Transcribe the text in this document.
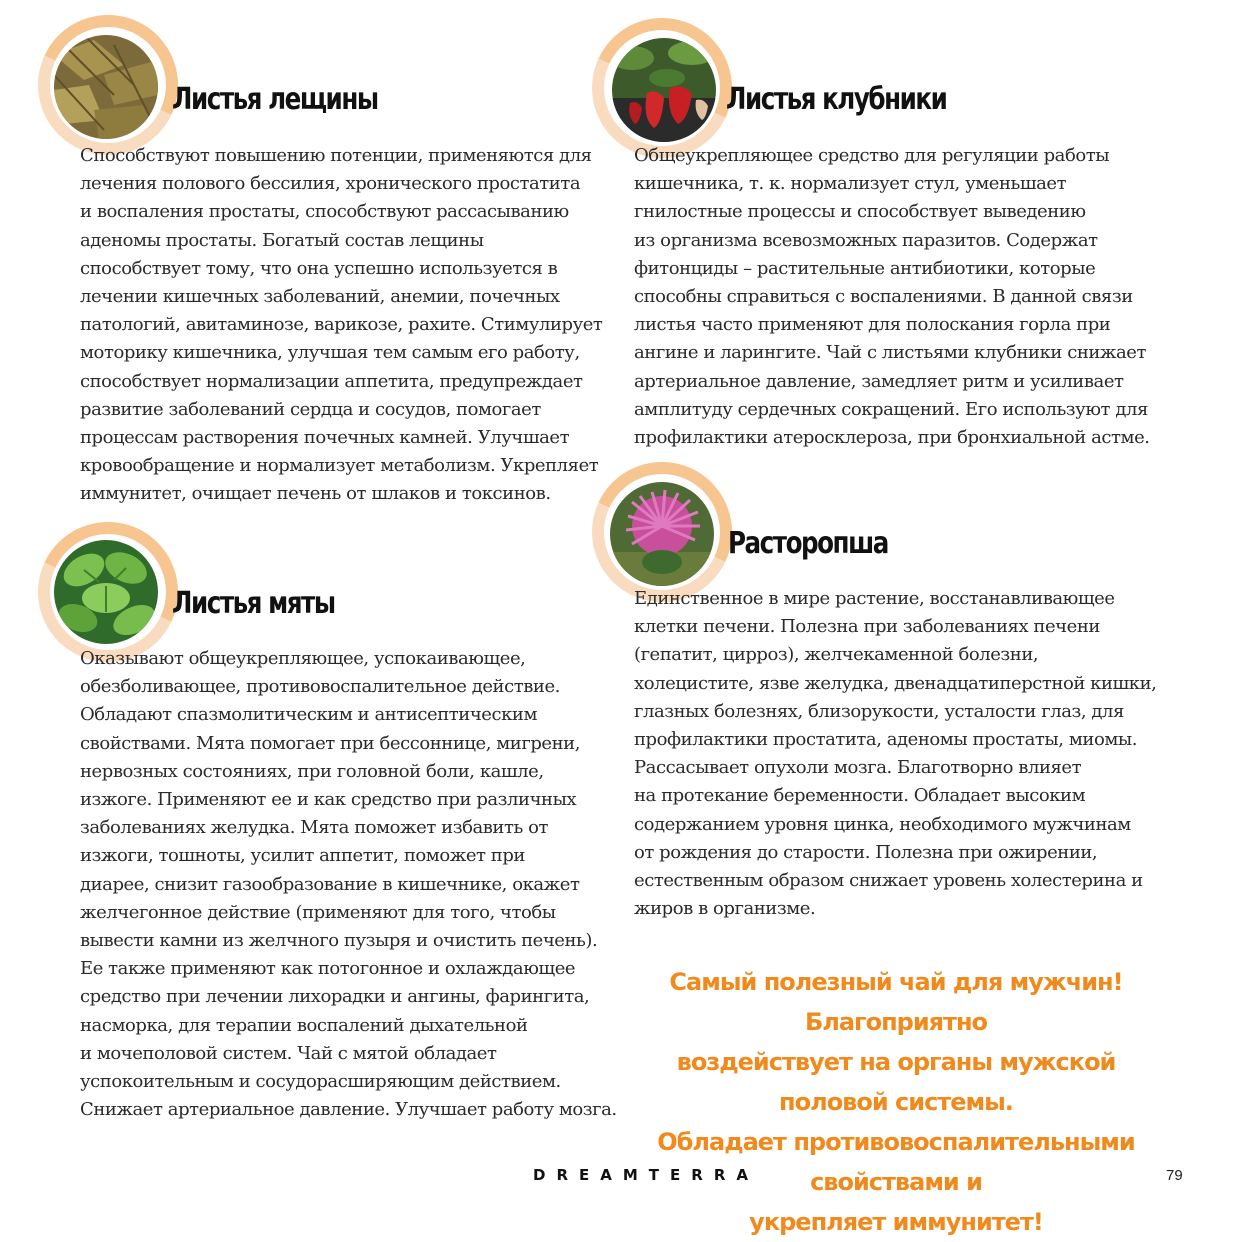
Листья лещины
Способствуют повышению потенции, применяются для
лечения полового бессилия, хронического простатита
и воспаления простаты, способствуют рассасыванию
аденомы простаты. Богатый состав лещины
способствует тому, что она успешно используется в
лечении кишечных заболеваний, анемии, почечных
патологий, авитаминозе, варикозе, рахите. Стимулирует
моторику кишечника, улучшая тем самым его работу,
способствует нормализации аппетита, предупреждает
развитие заболеваний сердца и сосудов, помогает
процессам растворения почечных камней. Улучшает
кровообращение и нормализует метаболизм. Укрепляет
иммунитет, очищает печень от шлаков и токсинов.
Листья клубники
Общеукрепляющее средство для регуляции работы
кишечника, т. к. нормализует стул, уменьшает
гнилостные процессы и способствует выведению
из организма всевозможных паразитов. Содержат
фитонциды – растительные антибиотики, которые
способны справиться с воспалениями. В данной связи
листья часто применяют для полоскания горла при
ангине и ларингите. Чай с листьями клубники снижает
артериальное давление, замедляет ритм и усиливает
амплитуду сердечных сокращений. Его используют для
профилактики атеросклероза, при бронхиальной астме.
Листья мяты
Оказывают общеукрепляющее, успокаивающее,
обезболивающее, противовоспалительное действие.
Обладают спазмолитическим и антисептическим
свойствами. Мята помогает при бессоннице, мигрени,
нервозных состояниях, при головной боли, кашле,
изжоге. Применяют ее и как средство при различных
заболеваниях желудка. Мята поможет избавить от
изжоги, тошноты, усилит аппетит, поможет при
диарее, снизит газообразование в кишечнике, окажет
желчегонное действие (применяют для того, чтобы
вывести камни из желчного пузыря и очистить печень).
Ее также применяют как потогонное и охлаждающее
средство при лечении лихорадки и ангины, фарингита,
насморка, для терапии воспалений дыхательной
и мочеполовой систем. Чай с мятой обладает
успокоительным и сосудорасширяющим действием.
Снижает артериальное давление. Улучшает работу мозга.
Расторопша
Единственное в мире растение, восстанавливающее
клетки печени. Полезна при заболеваниях печени
(гепатит, цирроз), желчекаменной болезни,
холецистите, язве желудка, двенадцатиперстной кишки,
глазных болезнях, близорукости, усталости глаз, для
профилактики простатита, аденомы простаты, миомы.
Рассасывает опухоли мозга. Благотворно влияет
на протекание беременности. Обладает высоким
содержанием уровня цинка, необходимого мужчинам
от рождения до старости. Полезна при ожирении,
естественным образом снижает уровень холестерина и
жиров в организме.
Самый полезный чай для мужчин! Благоприятно
воздействует на органы мужской половой системы.
Обладает противовоспалительными свойствами и
укрепляет иммунитет!
DREAMTERRA	79
